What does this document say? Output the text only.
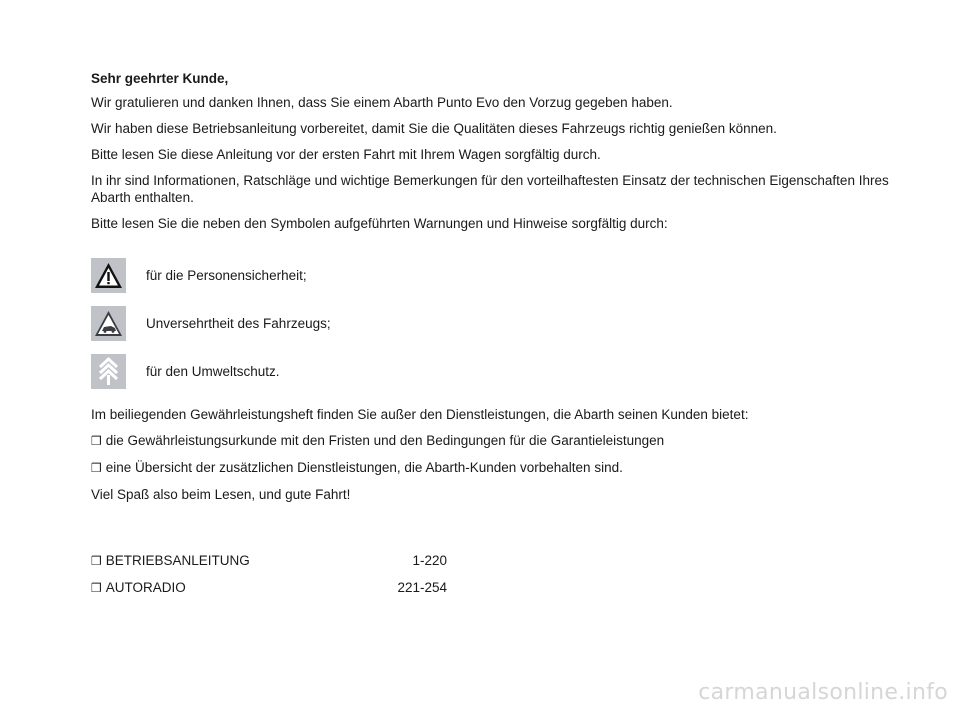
Sehr geehrter Kunde,

Wir gratulieren und danken Ihnen, dass Sie einem Abarth Punto Evo den Vorzug gegeben haben.

Wir haben diese Betriebsanleitung vorbereitet, damit Sie die Qualitäten dieses Fahrzeugs richtig genießen können.

Bitte lesen Sie diese Anleitung vor der ersten Fahrt mit Ihrem Wagen sorgfältig durch.

In ihr sind Informationen, Ratschläge und wichtige Bemerkungen für den vorteilhaftesten Einsatz der technischen Eigenschaften Ihres Abarth enthalten.

Bitte lesen Sie die neben den Symbolen aufgeführten Warnungen und Hinweise sorgfältig durch:

für die Personensicherheit;
Unversehrtheit des Fahrzeugs;
für den Umweltschutz.

Im beiliegenden Gewährleistungsheft finden Sie außer den Dienstleistungen, die Abarth seinen Kunden bietet:

❒ die Gewährleistungsurkunde mit den Fristen und den Bedingungen für die Garantieleistungen
❒ eine Übersicht der zusätzlichen Dienstleistungen, die Abarth-Kunden vorbehalten sind.

Viel Spaß also beim Lesen, und gute Fahrt!

❒ BETRIEBSANLEITUNG	1-220
❒ AUTORADIO	221-254
carmanualsonline.info
